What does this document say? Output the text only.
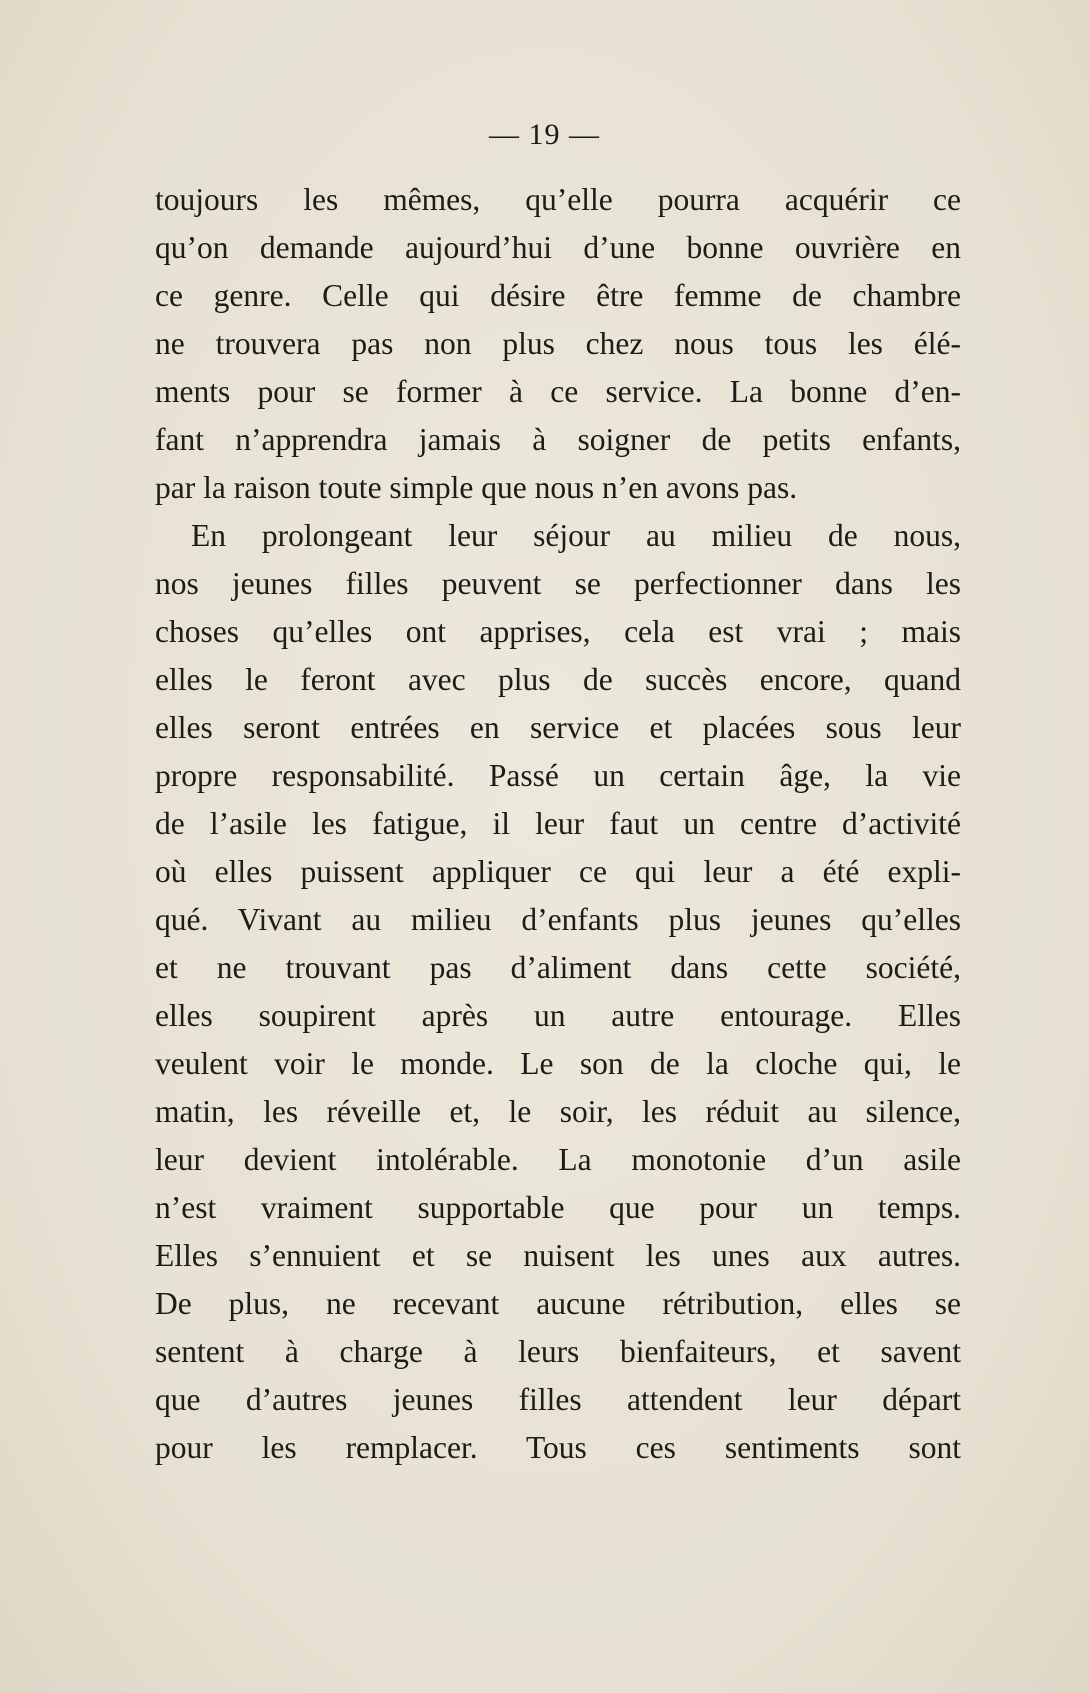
— 19 —
toujours les mêmes, qu’elle pourra acquérir ce
qu’on demande aujourd’hui d’une bonne ouvrière en
ce genre. Celle qui désire être femme de chambre
ne trouvera pas non plus chez nous tous les élé-
ments pour se former à ce service. La bonne d’en-
fant n’apprendra jamais à soigner de petits enfants,
par la raison toute simple que nous n’en avons pas.
En prolongeant leur séjour au milieu de nous,
nos jeunes filles peuvent se perfectionner dans les
choses qu’elles ont apprises, cela est vrai ; mais
elles le feront avec plus de succès encore, quand
elles seront entrées en service et placées sous leur
propre responsabilité. Passé un certain âge, la vie
de l’asile les fatigue, il leur faut un centre d’activité
où elles puissent appliquer ce qui leur a été expli-
qué. Vivant au milieu d’enfants plus jeunes qu’elles
et ne trouvant pas d’aliment dans cette société,
elles soupirent après un autre entourage. Elles
veulent voir le monde. Le son de la cloche qui, le
matin, les réveille et, le soir, les réduit au silence,
leur devient intolérable. La monotonie d’un asile
n’est vraiment supportable que pour un temps.
Elles s’ennuient et se nuisent les unes aux autres.
De plus, ne recevant aucune rétribution, elles se
sentent à charge à leurs bienfaiteurs, et savent
que d’autres jeunes filles attendent leur départ
pour les remplacer. Tous ces sentiments sont
